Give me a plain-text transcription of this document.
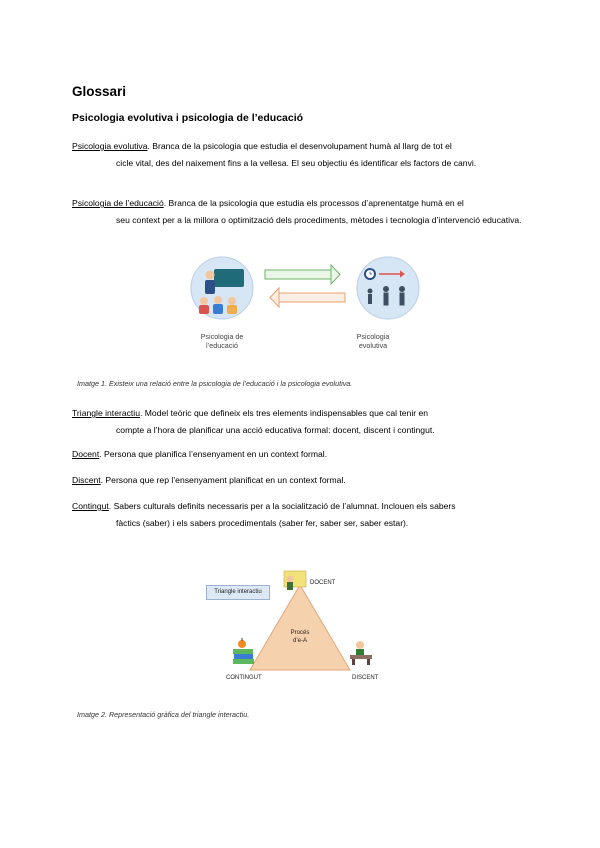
Glossari
Psicologia evolutiva i psicologia de l’educació

Psicologia evolutiva. Branca de la psicologia que estudia el desenvolupament humà al llarg de tot el
cicle vital, des del naixement fins a la vellesa. El seu objectiu és identificar els factors de canvi.

Psicologia de l’educació. Branca de la psicologia que estudia els processos d’aprenentatge humà en el
seu context per a la millora o optimització dels procediments, mètodes i tecnologia d’intervenció educativa.

Psicologia de l’educació
Psicologia evolutiva

Imatge 1. Existeix una relació entre la psicologia de l’educació i la psicologia evolutiva.

Triangle interactiu. Model teòric que defineix els tres elements indispensables que cal tenir en
compte a l’hora de planificar una acció educativa formal: docent, discent i contingut.

Docent. Persona que planifica l’ensenyament en un context formal.

Discent. Persona que rep l’ensenyament planificat en un context formal.

Contingut. Sabers culturals definits necessaris per a la socialització de l’alumnat. Inclouen els sabers
fàctics (saber) i els sabers procedimentals (saber fer, saber ser, saber estar).

Triangle interactiu
DOCENT
CONTINGUT	DISCENT
Procés
d’e-A

Imatge 2. Representació gràfica del triangle interactiu.
